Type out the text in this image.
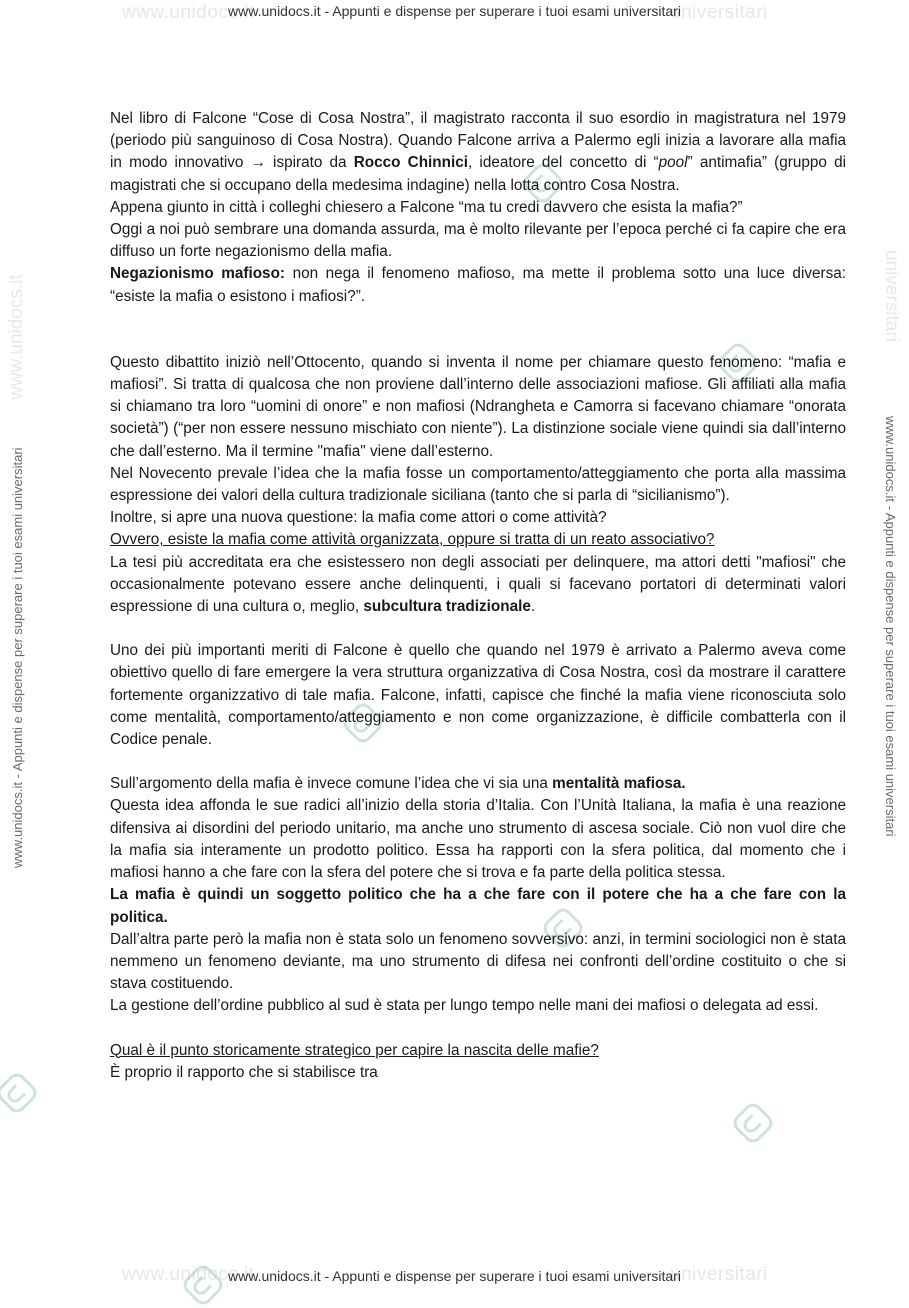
www.unidocs.it	universitari
www.unidocs.it	universitari
www.unidocs.it	universitari
www.unidocs.it - Appunti e dispense per superare i tuoi esami universitari
www.unidocs.it - Appunti e dispense per superare i tuoi esami universitari
www.unidocs.it - Appunti e dispense per superare i tuoi esami universitari	www.unidocs.it - Appunti e dispense per superare i tuoi esami universitari

Nel libro di Falcone “Cose di Cosa Nostra”, il magistrato racconta il suo esordio in magistratura nel 1979 (periodo più sanguinoso di Cosa Nostra). Quando Falcone arriva a Palermo egli inizia a lavorare alla mafia in modo innovativo → ispirato da Rocco Chinnici, ideatore del concetto di “pool” antimafia” (gruppo di magistrati che si occupano della medesima indagine) nella lotta contro Cosa Nostra.

Appena giunto in città i colleghi chiesero a Falcone “ma tu credi davvero che esista la mafia?”

Oggi a noi può sembrare una domanda assurda, ma è molto rilevante per l’epoca perché ci fa capire che era diffuso un forte negazionismo della mafia.

Negazionismo mafioso: non nega il fenomeno mafioso, ma mette il problema sotto una luce diversa: “esiste la mafia o esistono i mafiosi?”.

Questo dibattito iniziò nell’Ottocento, quando si inventa il nome per chiamare questo fenomeno: “mafia e mafiosi”. Si tratta di qualcosa che non proviene dall’interno delle associazioni mafiose. Gli affiliati alla mafia si chiamano tra loro “uomini di onore” e non mafiosi (Ndrangheta e Camorra si facevano chiamare “onorata società”) (“per non essere nessuno mischiato con niente”). La distinzione sociale viene quindi sia dall’interno che dall’esterno. Ma il termine "mafia" viene dall’esterno.

Nel Novecento prevale l’idea che la mafia fosse un comportamento/atteggiamento che porta alla massima espressione dei valori della cultura tradizionale siciliana (tanto che si parla di “sicilianismo”).

Inoltre, si apre una nuova questione: la mafia come attori o come attività?

Ovvero, esiste la mafia come attività organizzata, oppure si tratta di un reato associativo?

La tesi più accreditata era che esistessero non degli associati per delinquere, ma attori detti "mafiosi" che occasionalmente potevano essere anche delinquenti, i quali si facevano portatori di determinati valori espressione di una cultura o, meglio, subcultura tradizionale.

Uno dei più importanti meriti di Falcone è quello che quando nel 1979 è arrivato a Palermo aveva come obiettivo quello di fare emergere la vera struttura organizzativa di Cosa Nostra, così da mostrare il carattere fortemente organizzativo di tale mafia. Falcone, infatti, capisce che finché la mafia viene riconosciuta solo come mentalità, comportamento/atteggiamento e non come organizzazione, è difficile combatterla con il Codice penale.

Sull’argomento della mafia è invece comune l’idea che vi sia una mentalità mafiosa.

Questa idea affonda le sue radici all’inizio della storia d’Italia. Con l’Unità Italiana, la mafia è una reazione difensiva ai disordini del periodo unitario, ma anche uno strumento di ascesa sociale. Ciò non vuol dire che la mafia sia interamente un prodotto politico. Essa ha rapporti con la sfera politica, dal momento che i mafiosi hanno a che fare con la sfera del potere che si trova e fa parte della politica stessa.

La mafia è quindi un soggetto politico che ha a che fare con il potere che ha a che fare con la politica.

Dall’altra parte però la mafia non è stata solo un fenomeno sovversivo: anzi, in termini sociologici non è stata nemmeno un fenomeno deviante, ma uno strumento di difesa nei confronti dell’ordine costituito o che si stava costituendo.

La gestione dell’ordine pubblico al sud è stata per lungo tempo nelle mani dei mafiosi o delegata ad essi.

Qual è il punto storicamente strategico per capire la nascita delle mafie?

È proprio il rapporto che si stabilisce tra
